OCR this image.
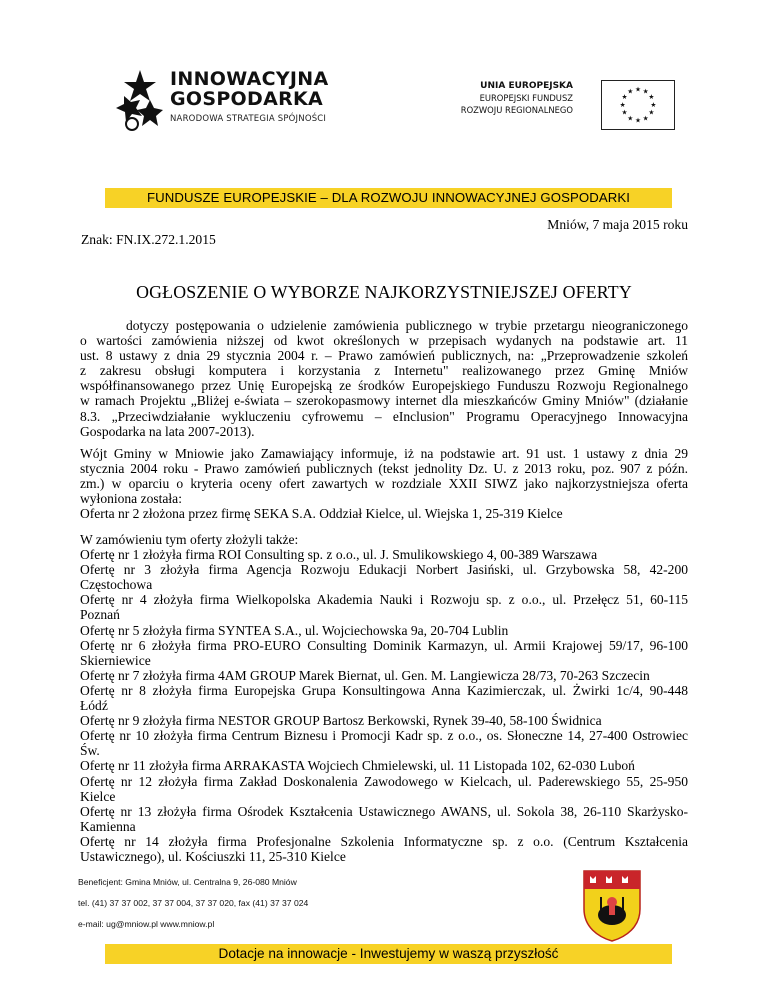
INNOWACYJNA
GOSPODARKA
NARODOWA STRATEGIA SPÓJNOŚCI
UNIA EUROPEJSKA
EUROPEJSKI FUNDUSZ
ROZWOJU REGIONALNEGO
★ ★
★
★
★
★
★
★
★
★
★
★
FUNDUSZE EUROPEJSKIE – DLA ROZWOJU INNOWACYJNEJ GOSPODARKI
Mniów, 7 maja 2015 roku
Znak: FN.IX.272.1.2015
OGŁOSZENIE O WYBORZE NAJKORZYSTNIEJSZEJ OFERTY
dotyczy postępowania o udzielenie zamówienia publicznego w trybie przetargu nieograniczonego
o wartości zamówienia niższej od kwot określonych w przepisach wydanych na podstawie art. 11
ust. 8 ustawy z dnia 29 stycznia 2004 r. – Prawo zamówień publicznych, na: „Przeprowadzenie szkoleń
z zakresu obsługi komputera i korzystania z Internetu" realizowanego przez Gminę Mniów
współfinansowanego przez Unię Europejską ze środków Europejskiego Funduszu Rozwoju Regionalnego
w ramach Projektu „Bliżej e-świata – szerokopasmowy internet dla mieszkańców Gminy Mniów" (działanie
8.3. „Przeciwdziałanie wykluczeniu cyfrowemu – eInclusion" Programu Operacyjnego Innowacyjna
Gospodarka na lata 2007-2013).
Wójt Gminy w Mniowie jako Zamawiający informuje, iż na podstawie art. 91 ust. 1 ustawy z dnia 29
stycznia 2004 roku - Prawo zamówień publicznych (tekst jednolity Dz. U. z 2013 roku, poz. 907 z późn.
zm.) w oparciu o kryteria oceny ofert zawartych w rozdziale XXII SIWZ jako najkorzystniejsza oferta
wyłoniona została:
Oferta nr 2 złożona przez firmę SEKA S.A. Oddział Kielce, ul. Wiejska 1, 25-319 Kielce
W zamówieniu tym oferty złożyli także:
Ofertę nr 1 złożyła firma ROI Consulting sp. z o.o., ul. J. Smulikowskiego 4, 00-389 Warszawa
Ofertę nr 3 złożyła firma Agencja Rozwoju Edukacji Norbert Jasiński, ul. Grzybowska 58, 42-200
Częstochowa
Ofertę nr 4 złożyła firma Wielkopolska Akademia Nauki i Rozwoju sp. z o.o., ul. Przełęcz 51, 60-115
Poznań
Ofertę nr 5 złożyła firma SYNTEA S.A., ul. Wojciechowska 9a, 20-704 Lublin
Ofertę nr 6 złożyła firma PRO-EURO Consulting Dominik Karmazyn, ul. Armii Krajowej 59/17, 96-100
Skierniewice
Ofertę nr 7 złożyła firma 4AM GROUP Marek Biernat, ul. Gen. M. Langiewicza 28/73, 70-263 Szczecin
Ofertę nr 8 złożyła firma Europejska Grupa Konsultingowa Anna Kazimierczak, ul. Żwirki 1c/4, 90-448
Łódź
Ofertę nr 9 złożyła firma NESTOR GROUP Bartosz Berkowski, Rynek 39-40, 58-100 Świdnica
Ofertę nr 10 złożyła firma Centrum Biznesu i Promocji Kadr sp. z o.o., os. Słoneczne 14, 27-400 Ostrowiec
Św.
Ofertę nr 11 złożyła firma ARRAKASTA Wojciech Chmielewski, ul. 11 Listopada 102, 62-030 Luboń
Ofertę nr 12 złożyła firma Zakład Doskonalenia Zawodowego w Kielcach, ul. Paderewskiego 55, 25-950
Kielce
Ofertę nr 13 złożyła firma Ośrodek Kształcenia Ustawicznego AWANS, ul. Sokola 38, 26-110 Skarżysko-
Kamienna
Ofertę nr 14 złożyła firma Profesjonalne Szkolenia Informatyczne sp. z o.o. (Centrum Kształcenia
Ustawicznego), ul. Kościuszki 11, 25-310 Kielce
Beneficjent: Gmina Mniów, ul. Centralna 9, 26-080 Mniów
tel. (41) 37 37 002, 37 37 004, 37 37 020, fax (41) 37 37 024
e-mail: ug@mniow.pl www.mniow.pl
Dotacje na innowacje - Inwestujemy w waszą przyszłość
